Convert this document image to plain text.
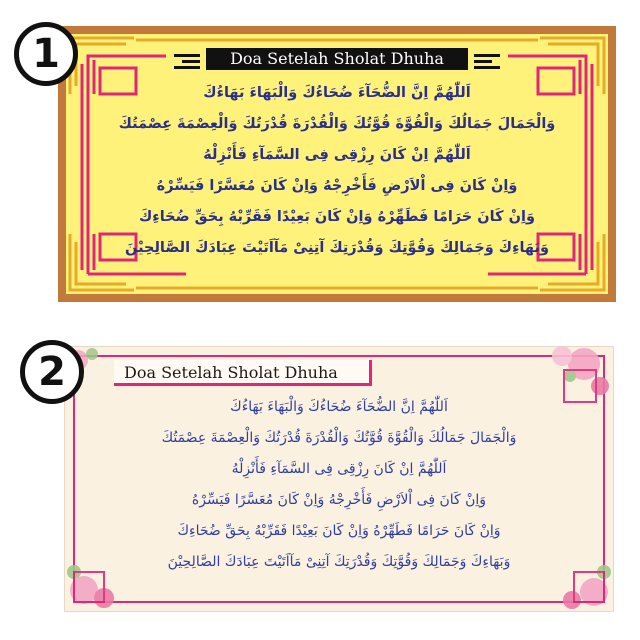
Doa Setelah Sholat Dhuha
اَللّٰهُمَّ اِنَّ الضُّحَآءَ ضُحَاءُكَ وَالْبَهَاءَ بَهَاءُكَ
وَالْجَمَالَ جَمَالُكَ وَالْقُوَّةَ قُوَّتُكَ وَالْقُدْرَةَ قُدْرَتُكَ وَالْعِصْمَةَ عِصْمَتُكَ
اَللّٰهُمَّ اِنْ كَانَ رِزْقِى فِى السَّمَآءِ فَأَنْزِلْهُ
وَاِنْ كَانَ فِى اْلاَرْضِ فَأَخْرِجْهُ وَاِنْ كَانَ مُعَسَّرًا فَيَسِّرْهُ
وَاِنْ كَانَ حَرَامًا فَطَهِّرْهُ وَاِنْ كَانَ بَعِيْدًا فَقَرِّبْهُ بِحَقِّ ضُحَاءِكَ
وَبَهَاءِكَ وَجَمَالِكَ وَقُوَّتِكَ وَقُدْرَتِكَ آتِنِىْ مَآاَتَيْتَ عِبَادَكَ الصَّالِحِيْنَ
1
Doa Setelah Sholat Dhuha
اَللّٰهُمَّ اِنَّ الضُّحَآءَ ضُحَاءُكَ وَالْبَهَاءَ بَهَاءُكَ
وَالْجَمَالَ جَمَالُكَ وَالْقُوَّةَ قُوَّتُكَ وَالْقُدْرَةَ قُدْرَتُكَ وَالْعِصْمَةَ عِصْمَتُكَ
اَللّٰهُمَّ اِنْ كَانَ رِزْقِى فِى السَّمَآءِ فَأَنْزِلْهُ
وَاِنْ كَانَ فِى اْلاَرْضِ فَأَخْرِجْهُ وَاِنْ كَانَ مُعَسَّرًا فَيَسِّرْهُ
وَاِنْ كَانَ حَرَامًا فَطَهِّرْهُ وَاِنْ كَانَ بَعِيْدًا فَقَرِّبْهُ بِحَقِّ ضُحَاءِكَ
وَبَهَاءِكَ وَجَمَالِكَ وَقُوَّتِكَ وَقُدْرَتِكَ آتِنِىْ مَآاَتَيْتَ عِبَادَكَ الصَّالِحِيْنَ
2
